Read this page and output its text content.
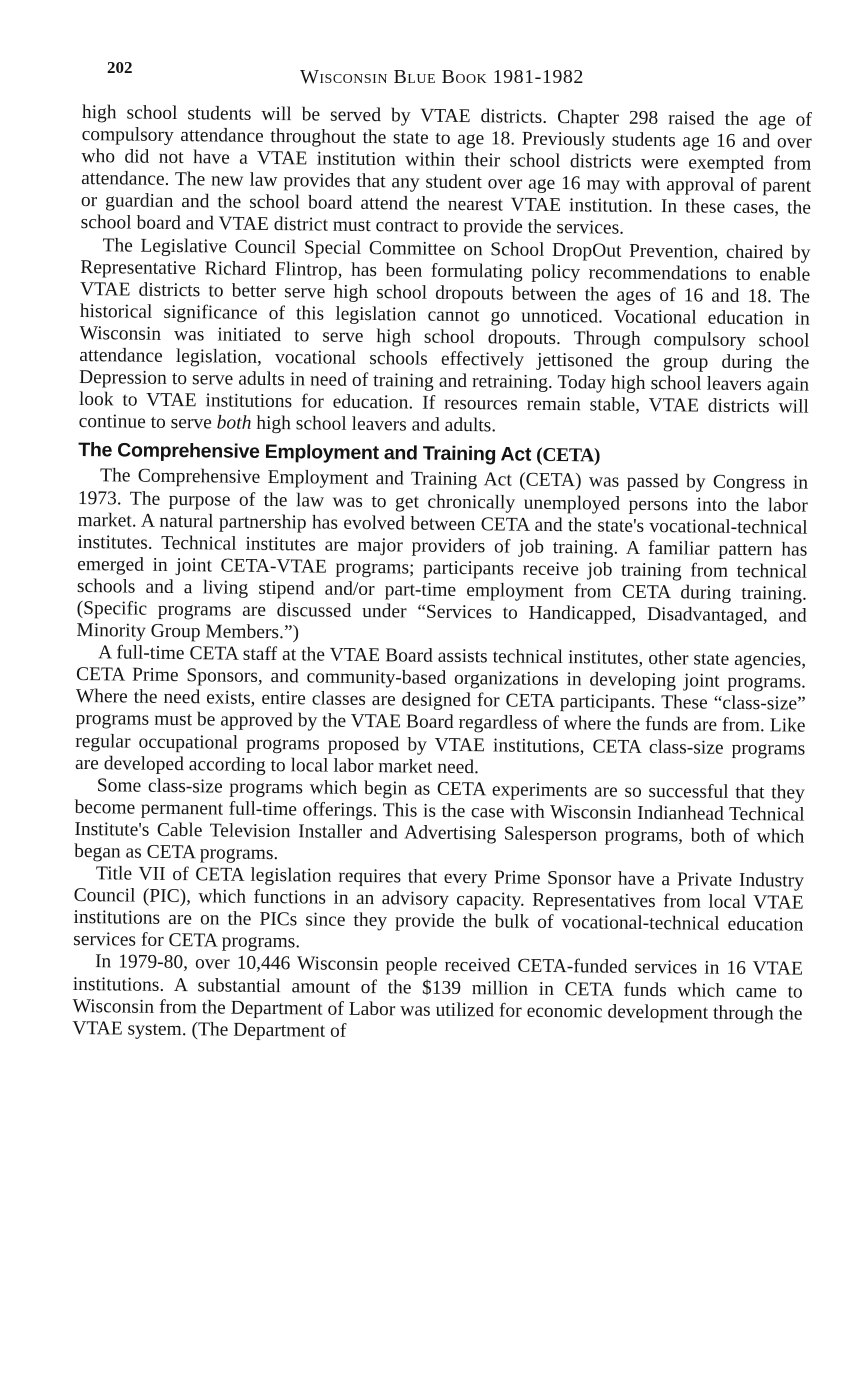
202	Wisconsin Blue Book 1981-1982

high school students will be served by VTAE districts. Chapter 298 raised the age of compulsory attendance throughout the state to age 18. Previously students age 16 and over who did not have a VTAE institution within their school districts were exempted from attendance. The new law provides that any student over age 16 may with approval of parent or guardian and the school board attend the nearest VTAE institution. In these cases, the school board and VTAE district must contract to provide the services.

The Legislative Council Special Committee on School DropOut Prevention, chaired by Representative Richard Flintrop, has been formulating policy recommendations to enable VTAE districts to better serve high school dropouts between the ages of 16 and 18. The historical significance of this legislation cannot go unnoticed. Vocational education in Wisconsin was initiated to serve high school dropouts. Through compulsory school attendance legislation, vocational schools effectively jettisoned the group during the Depression to serve adults in need of training and retraining. Today high school leavers again look to VTAE institutions for education. If resources remain stable, VTAE districts will continue to serve both high school leavers and adults.

The Comprehensive Employment and Training Act (CETA)

The Comprehensive Employment and Training Act (CETA) was passed by Congress in 1973. The purpose of the law was to get chronically unemployed persons into the labor market. A natural partnership has evolved between CETA and the state's vocational-technical institutes. Technical institutes are major providers of job training. A familiar pattern has emerged in joint CETA-VTAE programs; participants receive job training from technical schools and a living stipend and/or part-time employment from CETA during training. (Specific programs are discussed under “Services to Handicapped, Disadvantaged, and Minority Group Members.”)

A full-time CETA staff at the VTAE Board assists technical institutes, other state agencies, CETA Prime Sponsors, and community-based organizations in developing joint programs. Where the need exists, entire classes are designed for CETA participants. These “class-size” programs must be approved by the VTAE Board regardless of where the funds are from. Like regular occupational programs proposed by VTAE institutions, CETA class-size programs are developed according to local labor market need.

Some class-size programs which begin as CETA experiments are so successful that they become permanent full-time offerings. This is the case with Wisconsin Indianhead Technical Institute's Cable Television Installer and Advertising Salesperson programs, both of which began as CETA programs.

Title VII of CETA legislation requires that every Prime Sponsor have a Private Industry Council (PIC), which functions in an advisory capacity. Representatives from local VTAE institutions are on the PICs since they provide the bulk of vocational-technical education services for CETA programs.

In 1979-80, over 10,446 Wisconsin people received CETA-funded services in 16 VTAE institutions. A substantial amount of the $139 million in CETA funds which came to Wisconsin from the Department of Labor was utilized for economic development through the VTAE system. (The Department of
